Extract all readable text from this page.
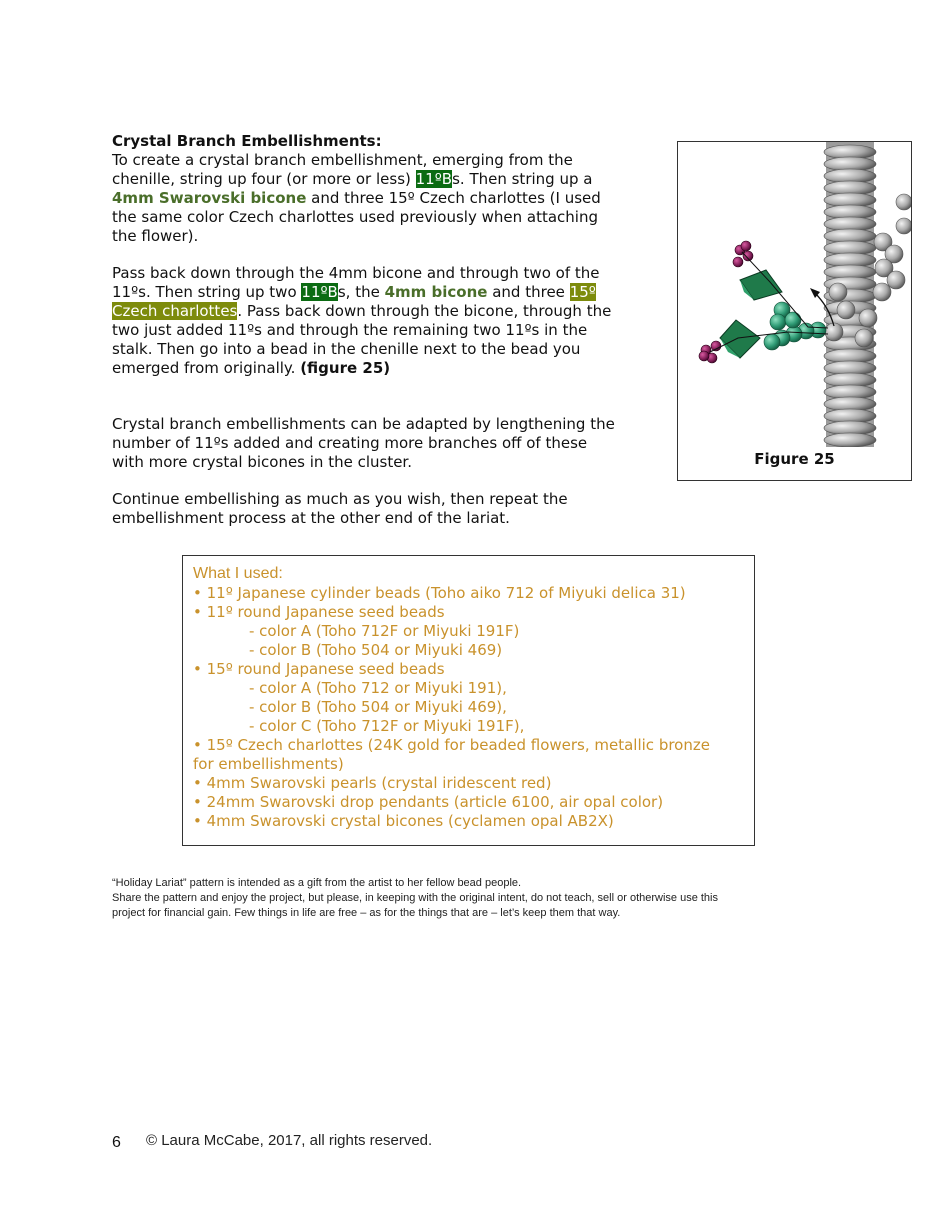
Crystal Branch Embellishments:
To create a crystal branch embellishment, emerging from the chenille, string up four (or more or less) 11ºBs. Then string up a 4mm Swarovski bicone and three 15º Czech charlottes (I used the same color Czech charlottes used previously when attaching the flower).
Pass back down through the 4mm bicone and through two of the 11ºs. Then string up two 11ºBs, the 4mm bicone and three 15º Czech charlottes. Pass back down through the bicone, through the two just added 11ºs and through the remaining two 11ºs in the stalk. Then go into a bead in the chenille next to the bead you emerged from originally. (figure 25)
Crystal branch embellishments can be adapted by lengthening the number of 11ºs added and creating more branches off of these with more crystal bicones in the cluster.
Continue embellishing as much as you wish, then repeat the embellishment process at the other end of the lariat.
Figure 25
What I used:
• 11º Japanese cylinder beads (Toho aiko 712 of Miyuki delica 31)
• 11º round Japanese seed beads
- color A (Toho 712F or Miyuki 191F)
- color B (Toho 504 or Miyuki 469)
• 15º round Japanese seed beads
- color A (Toho 712 or Miyuki 191),
- color B (Toho 504 or Miyuki 469),
- color C (Toho 712F or Miyuki 191F),
• 15º Czech charlottes (24K gold for beaded flowers, metallic bronze
for embellishments)
• 4mm Swarovski pearls (crystal iridescent red)
• 24mm Swarovski drop pendants (article 6100, air opal color)
• 4mm Swarovski crystal bicones (cyclamen opal AB2X)
“Holiday Lariat” pattern is intended as a gift from the artist to her fellow bead people.
Share the pattern and enjoy the project, but please, in keeping with the original intent, do not teach, sell or otherwise use this project for financial gain. Few things in life are free – as for the things that are – let’s keep them that way.
6 © Laura McCabe, 2017, all rights reserved.
